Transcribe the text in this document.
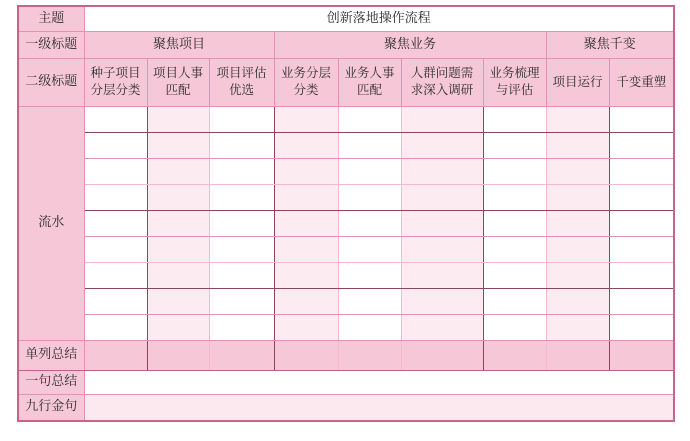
主题	创新落地操作流程								
一级标题	聚焦项目			聚焦业务				聚焦千变	
二级标题	种子项目分层分类	项目人事匹配	项目评估优选	业务分层分类	业务人事匹配	人群问题需求深入调研	业务梳理与评估	项目运行	千变重塑
流水									

单列总结									
一句总结									
九行金句									
